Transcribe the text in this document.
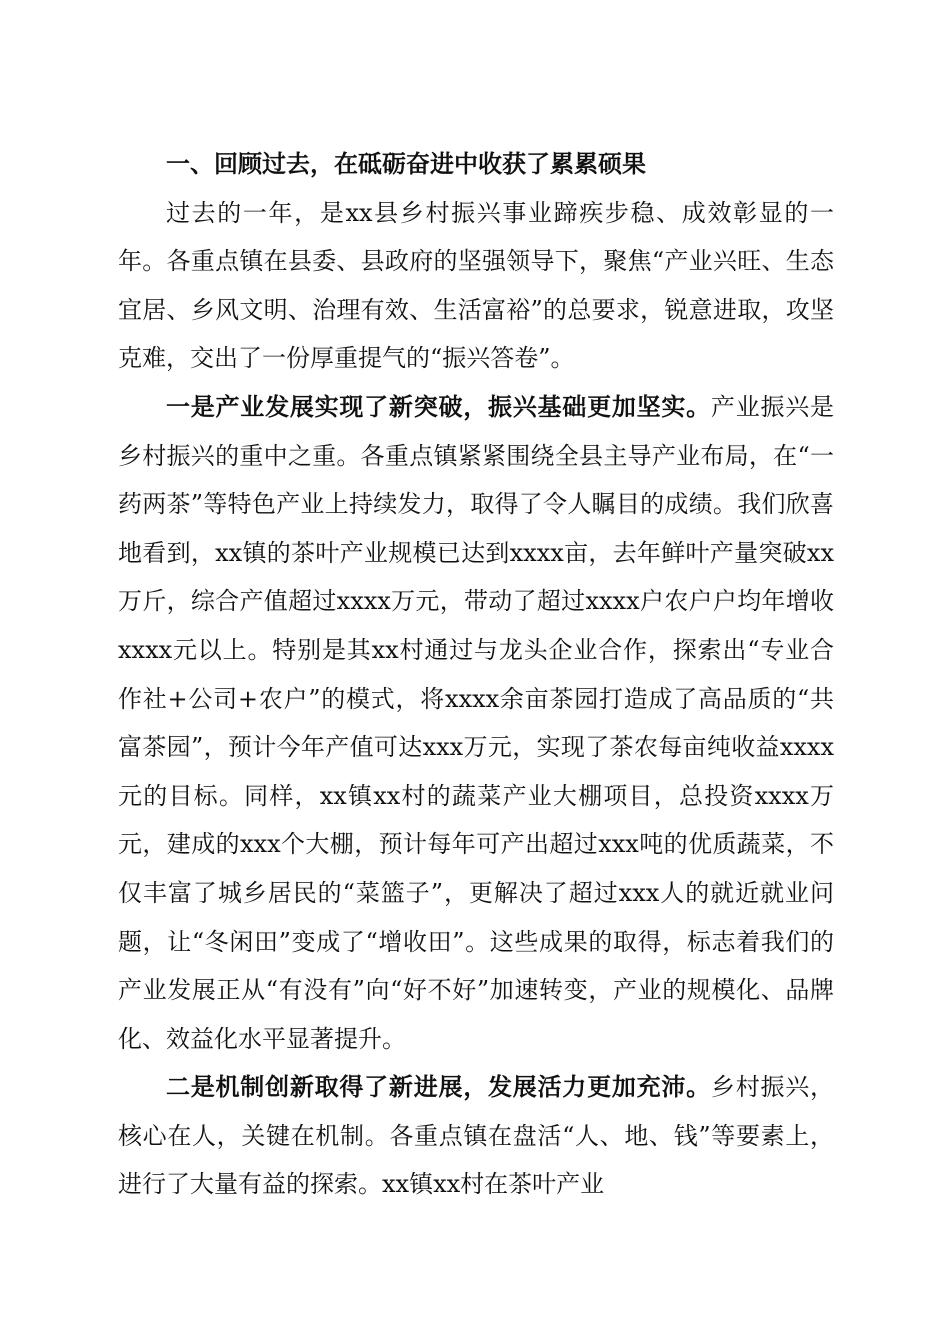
一、回顾过去，在砥砺奋进中收获了累累硕果

过去的一年，是xx县乡村振兴事业蹄疾步稳、成效彰显的一年。各重点镇在县委、县政府的坚强领导下，聚焦“产业兴旺、生态宜居、乡风文明、治理有效、生活富裕”的总要求，锐意进取，攻坚克难，交出了一份厚重提气的“振兴答卷”。

一是产业发展实现了新突破，振兴基础更加坚实。产业振兴是乡村振兴的重中之重。各重点镇紧紧围绕全县主导产业布局，在“一药两茶”等特色产业上持续发力，取得了令人瞩目的成绩。我们欣喜地看到，xx镇的茶叶产业规模已达到xxxx亩，去年鲜叶产量突破xx万斤，综合产值超过xxxx万元，带动了超过xxxx户农户户均年增收xxxx元以上。特别是其xx村通过与龙头企业合作，探索出“专业合作社+公司+农户”的模式，将xxxx余亩茶园打造成了高品质的“共富茶园”，预计今年产值可达xxx万元，实现了茶农每亩纯收益xxxx元的目标。同样，xx镇xx村的蔬菜产业大棚项目，总投资xxxx万元，建成的xxx个大棚，预计每年可产出超过xxx吨的优质蔬菜，不仅丰富了城乡居民的“菜篮子”，更解决了超过xxx人的就近就业问题，让“冬闲田”变成了“增收田”。这些成果的取得，标志着我们的产业发展正从“有没有”向“好不好”加速转变，产业的规模化、品牌化、效益化水平显著提升。

二是机制创新取得了新进展，发展活力更加充沛。乡村振兴，核心在人，关键在机制。各重点镇在盘活“人、地、钱”等要素上，进行了大量有益的探索。xx镇xx村在茶叶产业
